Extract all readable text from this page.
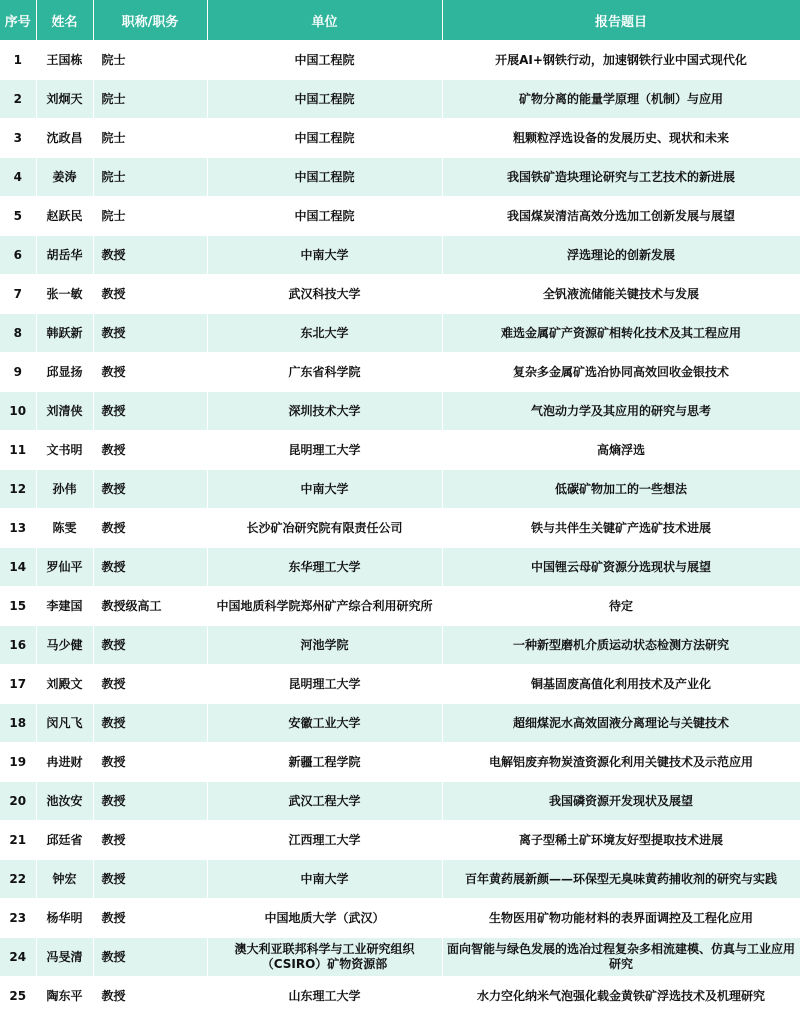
序号	姓名	职称/职务	单位	报告题目
1	王国栋	院士	中国工程院	开展AI+钢铁行动，加速钢铁行业中国式现代化
2	刘炯天	院士	中国工程院	矿物分离的能量学原理（机制）与应用
3	沈政昌	院士	中国工程院	粗颗粒浮选设备的发展历史、现状和未来
4	姜涛	院士	中国工程院	我国铁矿造块理论研究与工艺技术的新进展
5	赵跃民	院士	中国工程院	我国煤炭清洁高效分选加工创新发展与展望
6	胡岳华	教授	中南大学	浮选理论的创新发展
7	张一敏	教授	武汉科技大学	全钒液流储能关键技术与发展
8	韩跃新	教授	东北大学	难选金属矿产资源矿相转化技术及其工程应用
9	邱显扬	教授	广东省科学院	复杂多金属矿选冶协同高效回收金银技术
10	刘清侠	教授	深圳技术大学	气泡动力学及其应用的研究与思考
11	文书明	教授	昆明理工大学	高熵浮选
12	孙伟	教授	中南大学	低碳矿物加工的一些想法
13	陈雯	教授	长沙矿冶研究院有限责任公司	铁与共伴生关键矿产选矿技术进展
14	罗仙平	教授	东华理工大学	中国锂云母矿资源分选现状与展望
15	李建国	教授级高工	中国地质科学院郑州矿产综合利用研究所	待定
16	马少健	教授	河池学院	一种新型磨机介质运动状态检测方法研究
17	刘殿文	教授	昆明理工大学	铜基固废高值化利用技术及产业化
18	闵凡飞	教授	安徽工业大学	超细煤泥水高效固液分离理论与关键技术
19	冉进财	教授	新疆工程学院	电解铝废弃物炭渣资源化利用关键技术及示范应用
20	池汝安	教授	武汉工程大学	我国磷资源开发现状及展望
21	邱廷省	教授	江西理工大学	离子型稀土矿环境友好型提取技术进展
22	钟宏	教授	中南大学	百年黄药展新颜——环保型无臭味黄药捕收剂的研究与实践
23	杨华明	教授	中国地质大学（武汉）	生物医用矿物功能材料的表界面调控及工程化应用
24	冯旻清	教授	澳大利亚联邦科学与工业研究组织（CSIRO）矿物资源部	面向智能与绿色发展的选冶过程复杂多相流建模、仿真与工业应用研究
25	陶东平	教授	山东理工大学	水力空化纳米气泡强化载金黄铁矿浮选技术及机理研究
